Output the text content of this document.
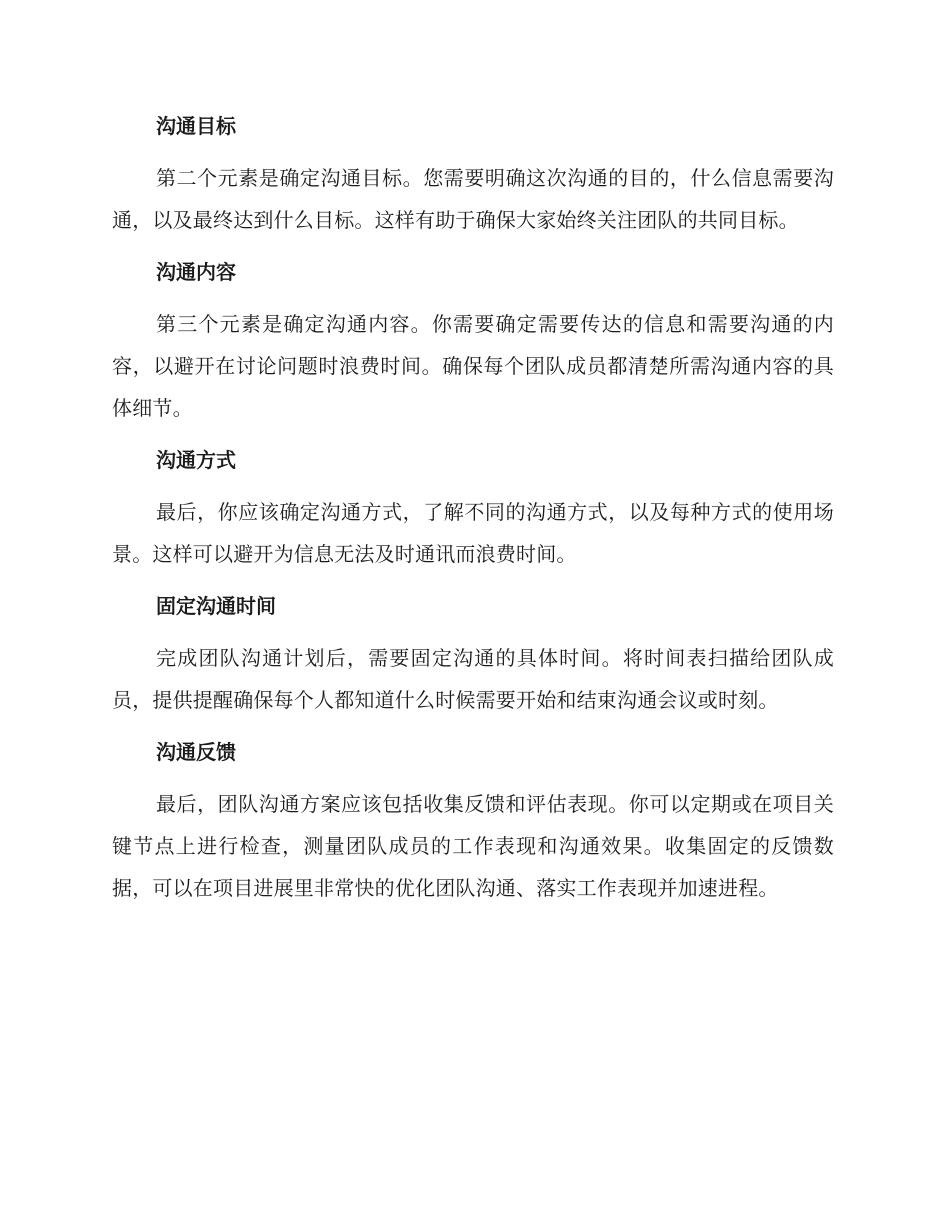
沟通目标

第二个元素是确定沟通目标。您需要明确这次沟通的目的，什么信息需要沟通，以及最终达到什么目标。这样有助于确保大家始终关注团队的共同目标。

沟通内容

第三个元素是确定沟通内容。你需要确定需要传达的信息和需要沟通的内容，以避开在讨论问题时浪费时间。确保每个团队成员都清楚所需沟通内容的具体细节。

沟通方式

最后，你应该确定沟通方式，了解不同的沟通方式，以及每种方式的使用场景。这样可以避开为信息无法及时通讯而浪费时间。

固定沟通时间

完成团队沟通计划后，需要固定沟通的具体时间。将时间表扫描给团队成员，提供提醒确保每个人都知道什么时候需要开始和结束沟通会议或时刻。

沟通反馈

最后，团队沟通方案应该包括收集反馈和评估表现。你可以定期或在项目关键节点上进行检查，测量团队成员的工作表现和沟通效果。收集固定的反馈数据，可以在项目进展里非常快的优化团队沟通、落实工作表现并加速进程。
